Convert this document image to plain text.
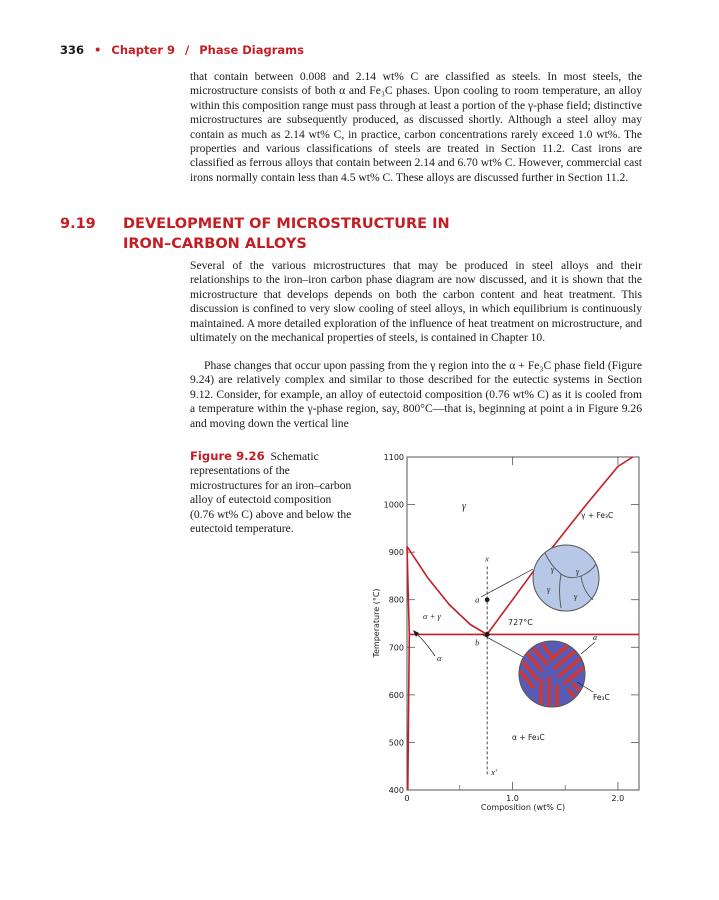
336 • Chapter 9 / Phase Diagrams

that contain between 0.008 and 2.14 wt% C are classified as steels. In most steels, the microstructure consists of both α and Fe₃C phases. Upon cooling to room temperature, an alloy within this composition range must pass through at least a portion of the γ-phase field; distinctive microstructures are subsequently produced, as discussed shortly. Although a steel alloy may contain as much as 2.14 wt% C, in practice, carbon concentrations rarely exceed 1.0 wt%. The properties and various classifications of steels are treated in Section 11.2. Cast irons are classified as ferrous alloys that contain between 2.14 and 6.70 wt% C. However, commercial cast irons normally contain less than 4.5 wt% C. These alloys are discussed further in Section 11.2.

9.19 DEVELOPMENT OF MICROSTRUCTURE IN
IRON–CARBON ALLOYS

Several of the various microstructures that may be produced in steel alloys and their relationships to the iron–iron carbon phase diagram are now discussed, and it is shown that the microstructure that develops depends on both the carbon content and heat treatment. This discussion is confined to very slow cooling of steel alloys, in which equilibrium is continuously maintained. A more detailed exploration of the influence of heat treatment on microstructure, and ultimately on the mechanical properties of steels, is contained in Chapter 10.

Phase changes that occur upon passing from the γ region into the α + Fe₃C phase field (Figure 9.24) are relatively complex and similar to those described for the eutectic systems in Section 9.12. Consider, for example, an alloy of eutectoid composition (0.76 wt% C) as it is cooled from a temperature within the γ-phase region, say, 800°C—that is, beginning at point a in Figure 9.26 and moving down the vertical line

Figure 9.26 Schematic representations of the microstructures for an iron–carbon alloy of eutectoid composition (0.76 wt% C) above and below the eutectoid temperature.
400
500
600
700
800
900
1000
1100
0	1.0	2.0
Temperature (°C)
Composition (wt% C)
γ
γ + Fe₃C
α + γ
α
α + Fe₃C
727°C
x
x'
a
b
γ	γ
γ
γ
α
Fe₃C
